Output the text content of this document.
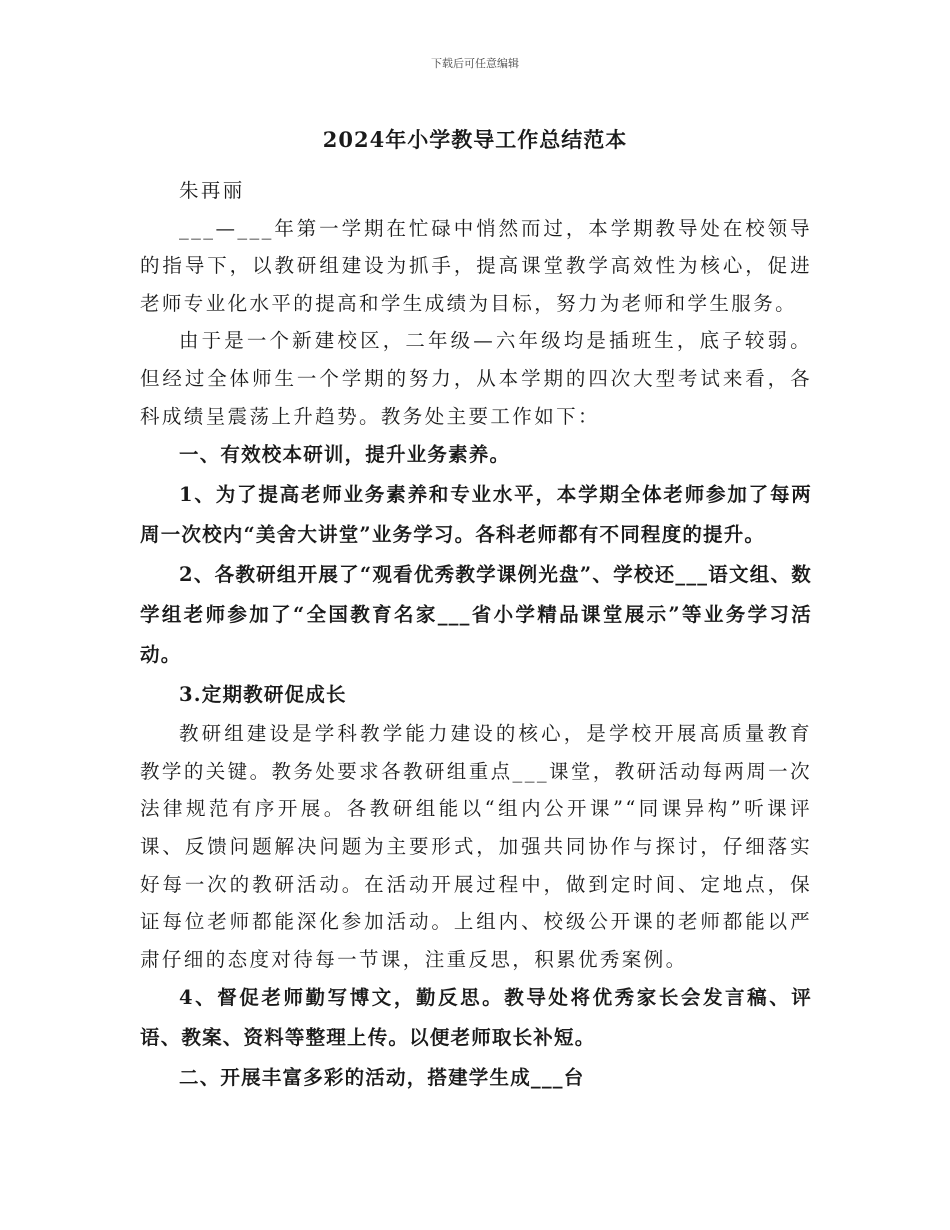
下载后可任意编辑
2024年小学教导工作总结范本

朱再丽

___—___年第一学期在忙碌中悄然而过，本学期教导处在校领导的指导下，以教研组建设为抓手，提高课堂教学高效性为核心，促进老师专业化水平的提高和学生成绩为目标，努力为老师和学生服务。

由于是一个新建校区，二年级—六年级均是插班生，底子较弱。但经过全体师生一个学期的努力，从本学期的四次大型考试来看，各科成绩呈震荡上升趋势。教务处主要工作如下：

一、有效校本研训，提升业务素养。

1、为了提高老师业务素养和专业水平，本学期全体老师参加了每两周一次校内“美舍大讲堂”业务学习。各科老师都有不同程度的提升。

2、各教研组开展了“观看优秀教学课例光盘”、学校还___语文组、数学组老师参加了“全国教育名家___省小学精品课堂展示”等业务学习活动。

3.定期教研促成长

教研组建设是学科教学能力建设的核心，是学校开展高质量教育教学的关键。教务处要求各教研组重点___课堂，教研活动每两周一次法律规范有序开展。各教研组能以“组内公开课”“同课异构”听课评课、反馈问题解决问题为主要形式，加强共同协作与探讨，仔细落实好每一次的教研活动。在活动开展过程中，做到定时间、定地点，保证每位老师都能深化参加活动。上组内、校级公开课的老师都能以严肃仔细的态度对待每一节课，注重反思，积累优秀案例。

4、督促老师勤写博文，勤反思。教导处将优秀家长会发言稿、评语、教案、资料等整理上传。以便老师取长补短。

二、开展丰富多彩的活动，搭建学生成___台
